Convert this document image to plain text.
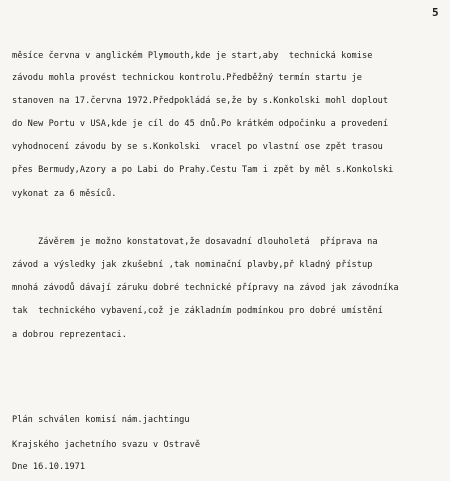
5
měsíce června v anglickém Plymouth,kde je start,aby  technická komise
závodu mohla provést technickou kontrolu.Předběžný termín startu je
stanoven na 17.června 1972.Předpokládá se,že by s.Konkolski mohl doplout
do New Portu v USA,kde je cíl do 45 dnů.Po krátkém odpočinku a provedení
vyhodnocení závodu by se s.Konkolski  vracel po vlastní ose zpět trasou
přes Bermudy,Azory a po Labi do Prahy.Cestu Tam i zpět by měl s.Konkolski
vykonat za 6 měsíců.
Závěrem je možno konstatovat,že dosavadní dlouholetá  příprava na
závod a výsledky jak zkušební ,tak nominační plavby,př kladný přístup
mnohá závodů dávají záruku dobré technické přípravy na závod jak závodníka
tak  technického vybavení,což je základním podmínkou pro dobré umístění
a dobrou reprezentaci.
Plán schválen komisí nám.jachtingu
Krajského jachetního svazu v Ostravě
Dne 16.10.1971
